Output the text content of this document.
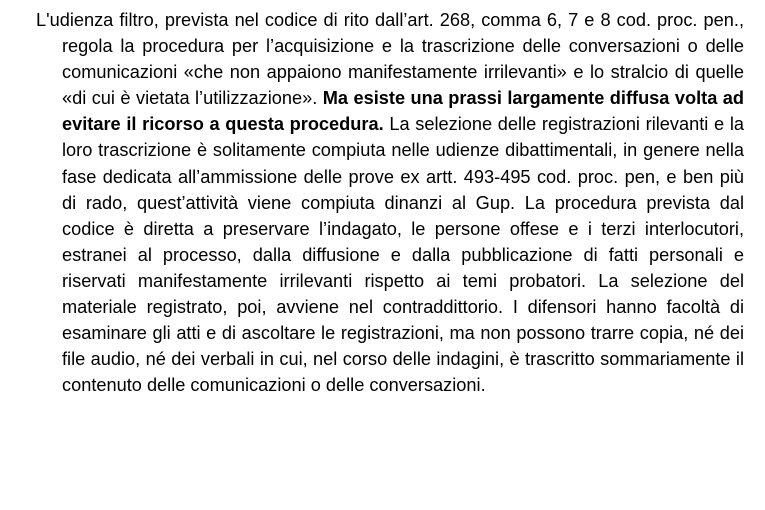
L'udienza filtro, prevista nel codice di rito dall’art. 268, comma 6, 7 e 8 cod. proc. pen., regola la procedura per l’acquisizione e la trascrizione delle conversazioni o delle comunicazioni «che non appaiono manifestamente irrilevanti» e lo stralcio di quelle «di cui è vietata l’utilizzazione». Ma esiste una prassi largamente diffusa volta ad evitare il ricorso a questa procedura. La selezione delle registrazioni rilevanti e la loro trascrizione è solitamente compiuta nelle udienze dibattimentali, in genere nella fase dedicata all’ammissione delle prove ex artt. 493-495 cod. proc. pen, e ben più di rado, quest’attività viene compiuta dinanzi al Gup. La procedura prevista dal codice è diretta a preservare l’indagato, le persone offese e i terzi interlocutori, estranei al processo, dalla diffusione e dalla pubblicazione di fatti personali e riservati manifestamente irrilevanti rispetto ai temi probatori. La selezione del materiale registrato, poi, avviene nel contraddittorio. I difensori hanno facoltà di esaminare gli atti e di ascoltare le registrazioni, ma non possono trarre copia, né dei file audio, né dei verbali in cui, nel corso delle indagini, è trascritto sommariamente il contenuto delle comunicazioni o delle conversazioni.
